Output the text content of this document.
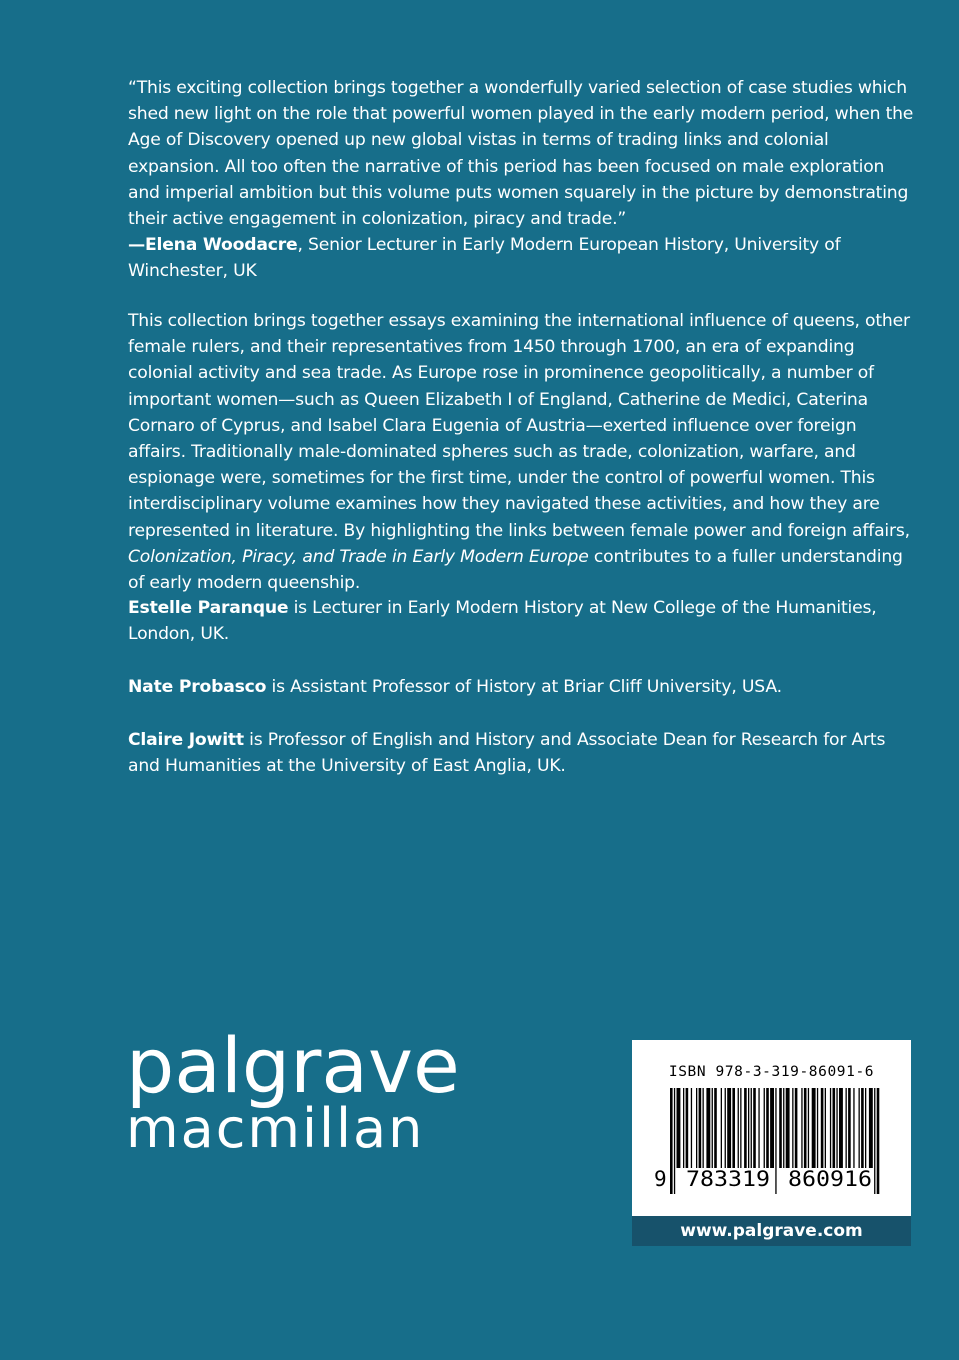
“This exciting collection brings together a wonderfully varied selection of case studies which shed new light on the role that powerful women played in the early modern period, when the Age of Discovery opened up new global vistas in terms of trading links and colonial expansion. All too often the narrative of this period has been focused on male exploration and imperial ambition but this volume puts women squarely in the picture by demonstrating their active engagement in colonization, piracy and trade.”
—Elena Woodacre, Senior Lecturer in Early Modern European History, University of Winchester, UK

This collection brings together essays examining the international influence of queens, other female rulers, and their representatives from 1450 through 1700, an era of expanding colonial activity and sea trade. As Europe rose in prominence geopolitically, a number of important women—such as Queen Elizabeth I of England, Catherine de Medici, Caterina Cornaro of Cyprus, and Isabel Clara Eugenia of Austria—exerted influence over foreign affairs. Traditionally male-dominated spheres such as trade, colonization, warfare, and espionage were, sometimes for the first time, under the control of powerful women. This interdisciplinary volume examines how they navigated these activities, and how they are represented in literature. By highlighting the links between female power and foreign affairs, Colonization, Piracy, and Trade in Early Modern Europe contributes to a fuller understanding of early modern queenship.

Estelle Paranque is Lecturer in Early Modern History at New College of the Humanities, London, UK.

Nate Probasco is Assistant Professor of History at Briar Cliff University, USA.

Claire Jowitt is Professor of English and History and Associate Dean for Research for Arts and Humanities at the University of East Anglia, UK.

palgrave
macmillan
ISBN 978-3-319-86091-6
9 783319 860916
www.palgrave.com
